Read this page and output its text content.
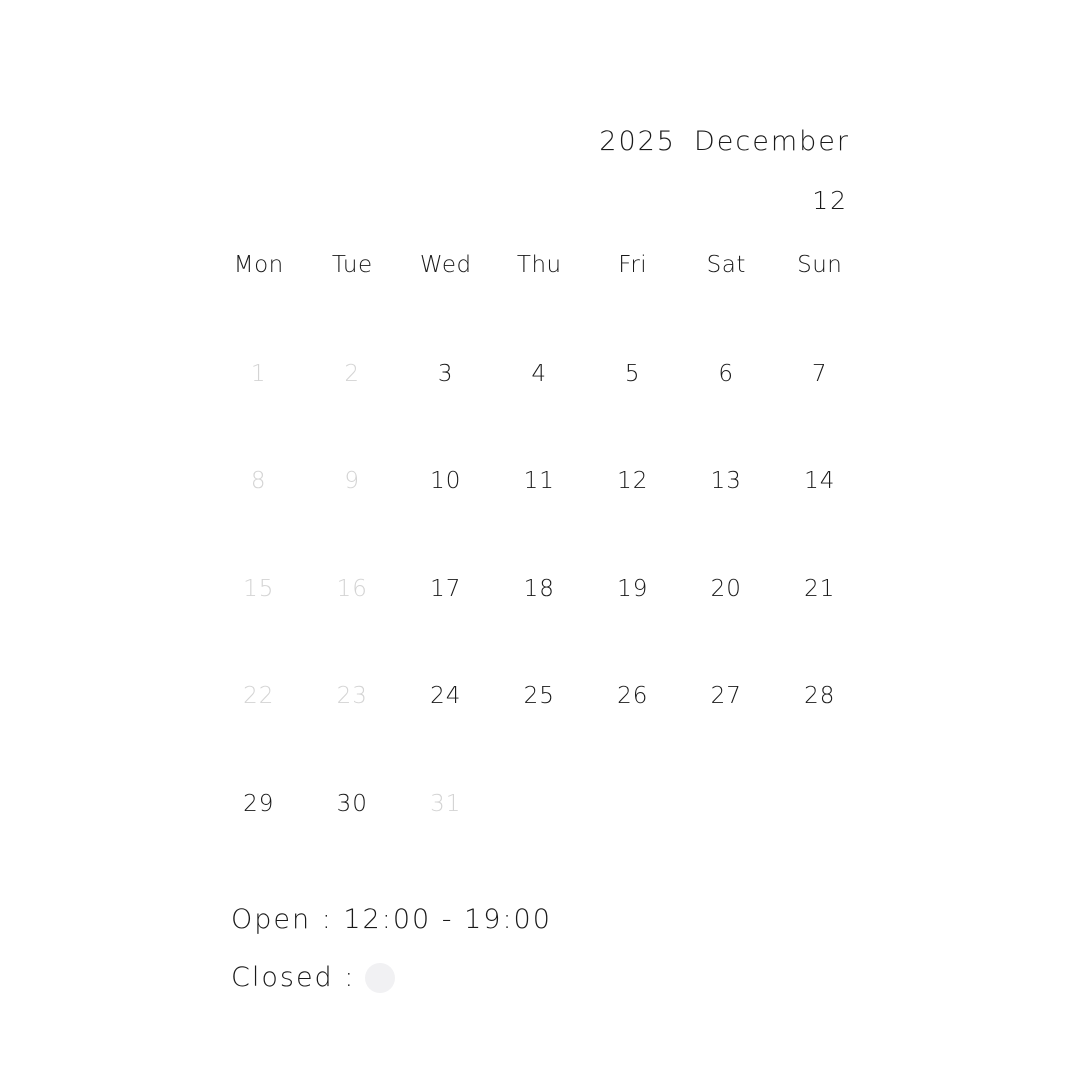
2025 December
12
Mon	Tue	Wed	Thu	Fri	Sat	Sun
1	2	3	4	5	6	7
8	9	10	11	12	13	14
15	16	17	18	19	20	21
22	23	24	25	26	27	28
29	30	31
Open : 12:00 - 19:00
Closed :
